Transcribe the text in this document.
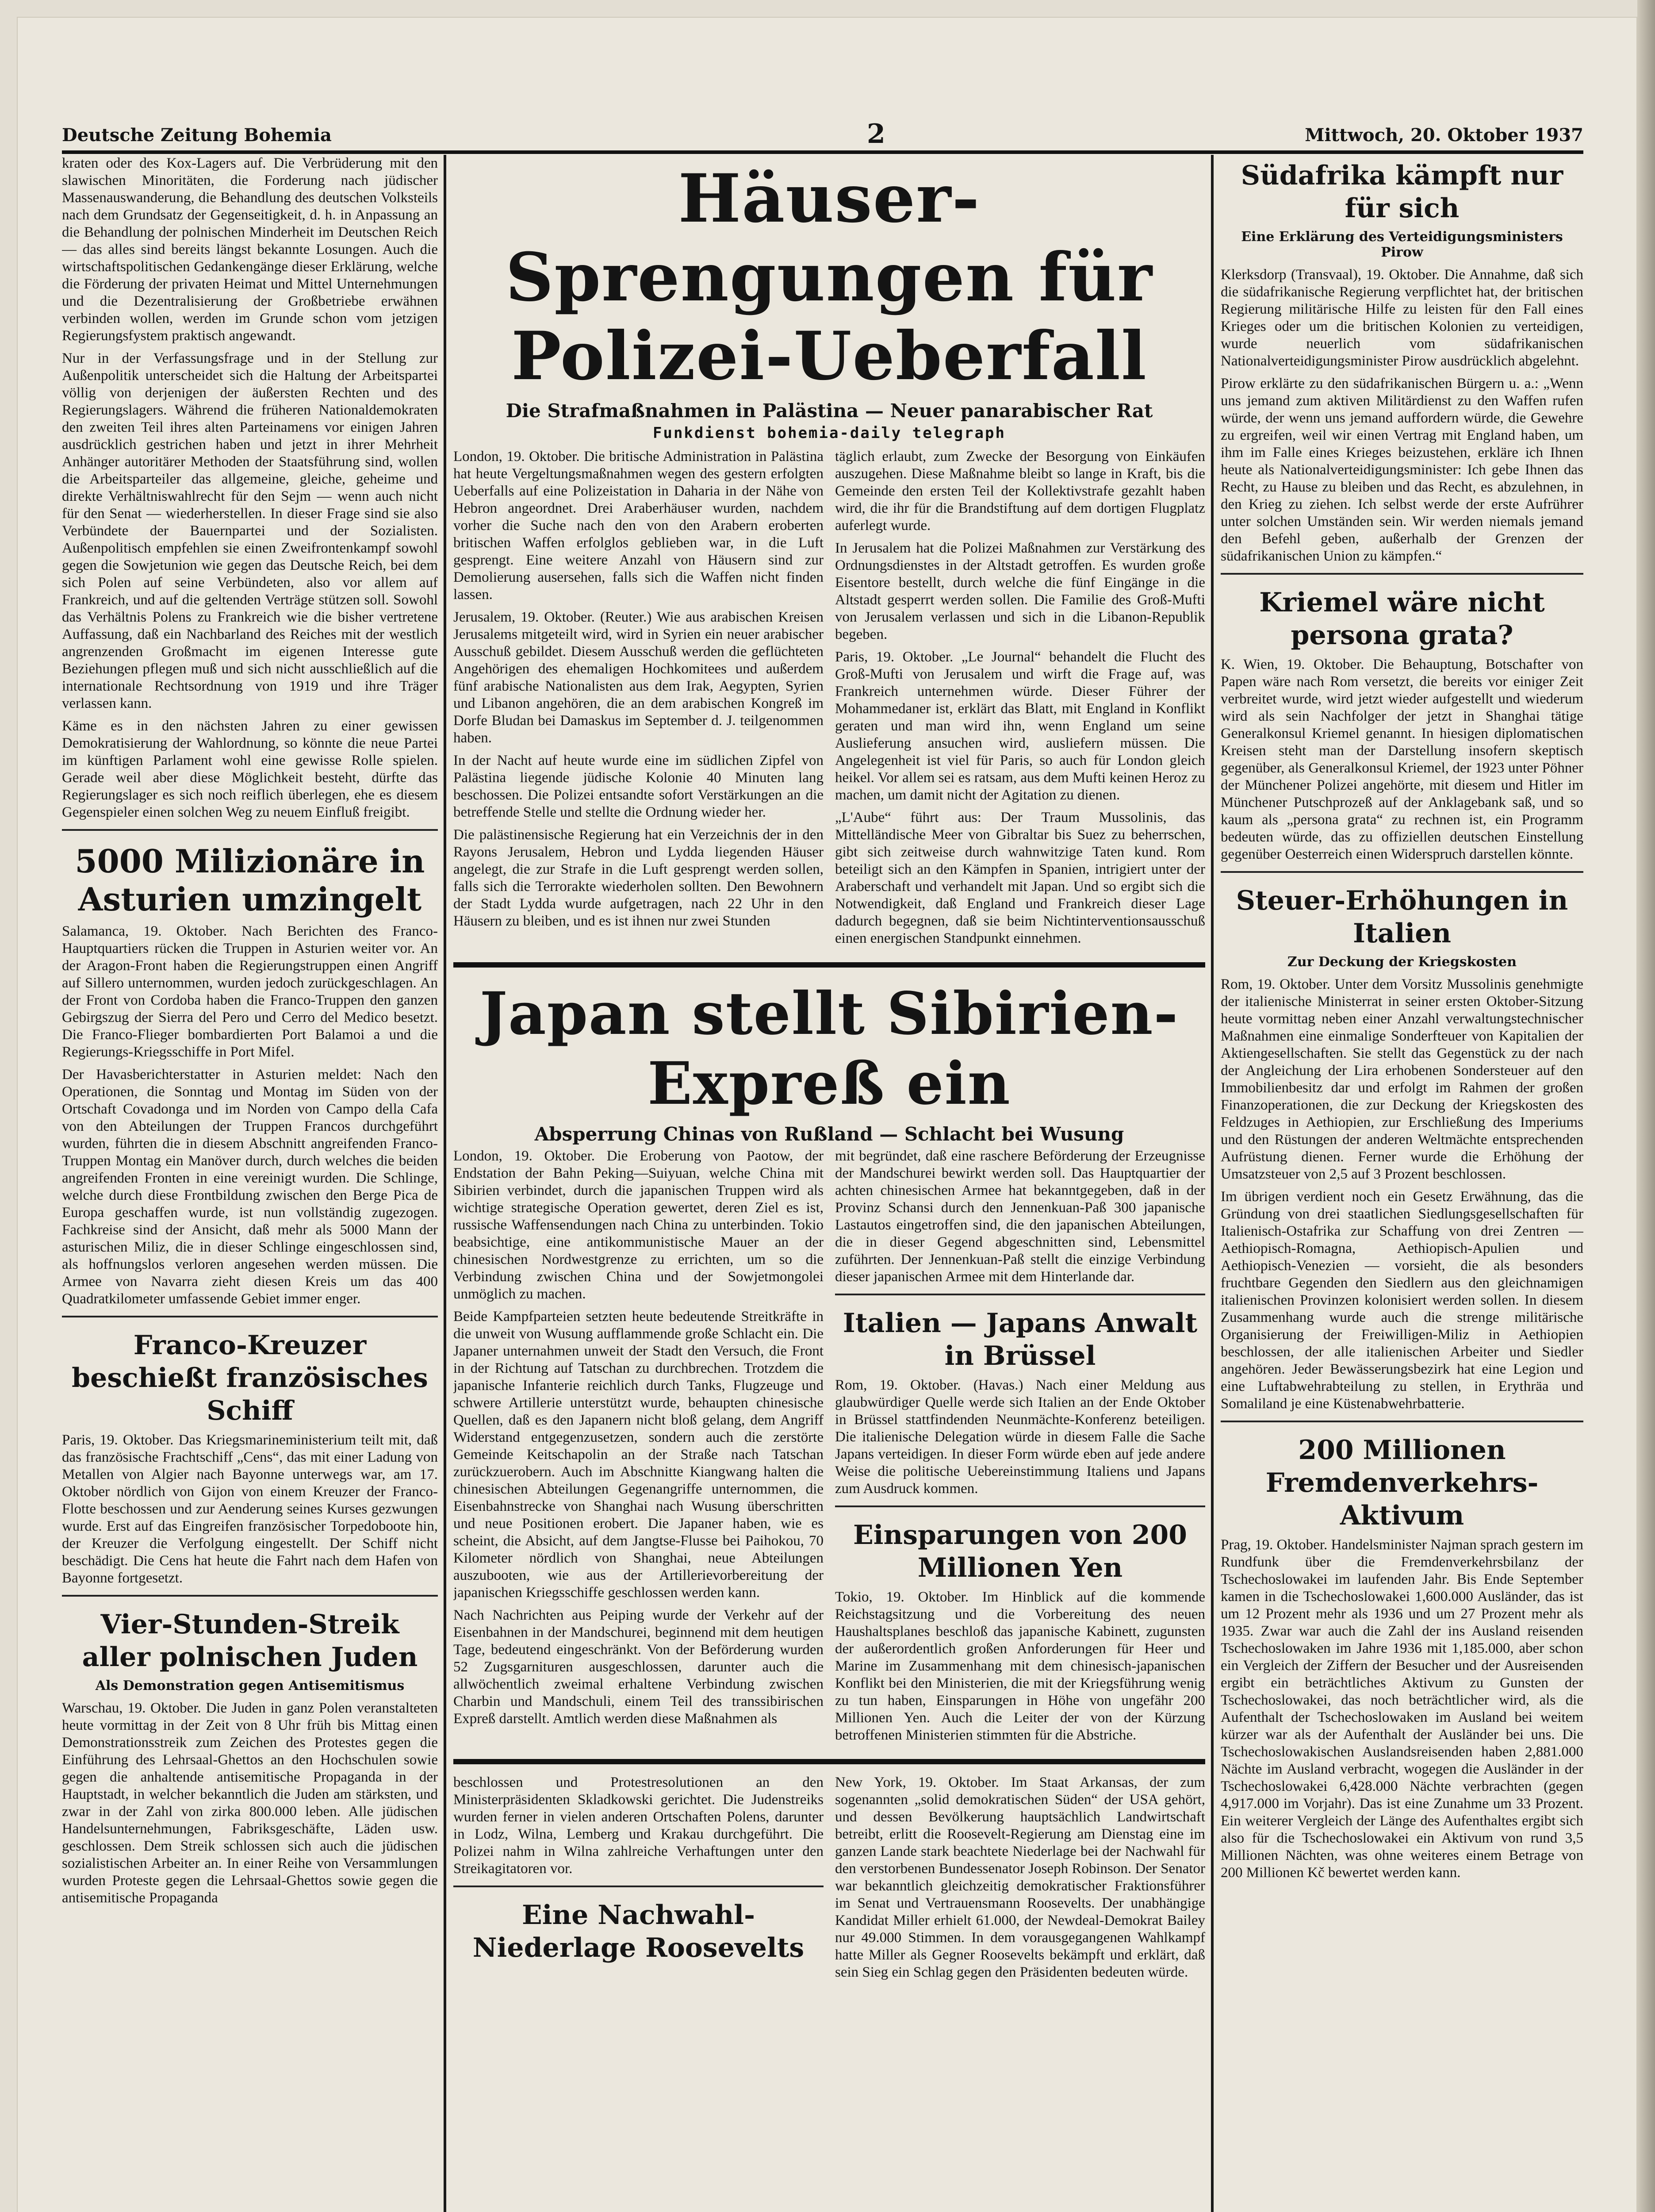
Deutsche Zeitung Bohemia	2	Mittwoch, 20. Oktober 1937

kraten oder des Kox-Lagers auf. Die Verbrüderung mit den slawischen Minoritäten, die Forderung nach jüdischer Massenauswanderung, die Behandlung des deutschen Volksteils nach dem Grundsatz der Gegenseitigkeit, d. h. in Anpassung an die Behandlung der polnischen Minderheit im Deutschen Reich — das alles sind bereits längst bekannte Losungen. Auch die wirtschaftspolitischen Gedankengänge dieser Erklärung, welche die Förderung der privaten Heimat und Mittel Unternehmungen und die Dezentralisierung der Großbetriebe erwähnen verbinden wollen, werden im Grunde schon vom jetzigen Regierungsfystem praktisch angewandt.

Nur in der Verfassungsfrage und in der Stellung zur Außenpolitik unterscheidet sich die Haltung der Arbeitspartei völlig von derjenigen der äußersten Rechten und des Regierungslagers. Während die früheren Nationaldemokraten den zweiten Teil ihres alten Parteinamens vor einigen Jahren ausdrücklich gestrichen haben und jetzt in ihrer Mehrheit Anhänger autoritärer Methoden der Staatsführung sind, wollen die Arbeitsparteiler das allgemeine, gleiche, geheime und direkte Verhältniswahlrecht für den Sejm — wenn auch nicht für den Senat — wiederherstellen. In dieser Frage sind sie also Verbündete der Bauernpartei und der Sozialisten. Außenpolitisch empfehlen sie einen Zweifrontenkampf sowohl gegen die Sowjetunion wie gegen das Deutsche Reich, bei dem sich Polen auf seine Verbündeten, also vor allem auf Frankreich, und auf die geltenden Verträge stützen soll. Sowohl das Verhältnis Polens zu Frankreich wie die bisher vertretene Auffassung, daß ein Nachbarland des Reiches mit der westlich angrenzenden Großmacht im eigenen Interesse gute Beziehungen pflegen muß und sich nicht ausschließlich auf die internationale Rechtsordnung von 1919 und ihre Träger verlassen kann.

Käme es in den nächsten Jahren zu einer gewissen Demokratisierung der Wahlordnung, so könnte die neue Partei im künftigen Parlament wohl eine gewisse Rolle spielen. Gerade weil aber diese Möglichkeit besteht, dürfte das Regierungslager es sich noch reiflich überlegen, ehe es diesem Gegenspieler einen solchen Weg zu neuem Einfluß freigibt.

5000 Milizionäre in Asturien umzingelt

Salamanca, 19. Oktober. Nach Berichten des Franco-Hauptquartiers rücken die Truppen in Asturien weiter vor. An der Aragon-Front haben die Regierungstruppen einen Angriff auf Sillero unternommen, wurden jedoch zurückgeschlagen. An der Front von Cordoba haben die Franco-Truppen den ganzen Gebirgszug der Sierra del Pero und Cerro del Medico besetzt. Die Franco-Flieger bombardierten Port Balamoi a und die Regierungs-Kriegsschiffe in Port Mifel.

Der Havasberichterstatter in Asturien meldet: Nach den Operationen, die Sonntag und Montag im Süden von der Ortschaft Covadonga und im Norden von Campo della Cafa von den Abteilungen der Truppen Francos durchgeführt wurden, führten die in diesem Abschnitt angreifenden Franco-Truppen Montag ein Manöver durch, durch welches die beiden angreifenden Fronten in eine vereinigt wurden. Die Schlinge, welche durch diese Frontbildung zwischen den Berge Pica de Europa geschaffen wurde, ist nun vollständig zugezogen. Fachkreise sind der Ansicht, daß mehr als 5000 Mann der asturischen Miliz, die in dieser Schlinge eingeschlossen sind, als hoffnungslos verloren angesehen werden müssen. Die Armee von Navarra zieht diesen Kreis um das 400 Quadratkilometer umfassende Gebiet immer enger.

Franco-Kreuzer beschießt französisches Schiff

Paris, 19. Oktober. Das Kriegsmarineministerium teilt mit, daß das französische Frachtschiff „Cens“, das mit einer Ladung von Metallen von Algier nach Bayonne unterwegs war, am 17. Oktober nördlich von Gijon von einem Kreuzer der Franco-Flotte beschossen und zur Aenderung seines Kurses gezwungen wurde. Erst auf das Eingreifen französischer Torpedoboote hin, der Kreuzer die Verfolgung eingestellt. Der Schiff nicht beschädigt. Die Cens hat heute die Fahrt nach dem Hafen von Bayonne fortgesetzt.

Vier-Stunden-Streik aller polnischen Juden
Als Demonstration gegen Antisemitismus

Warschau, 19. Oktober. Die Juden in ganz Polen veranstalteten heute vormittag in der Zeit von 8 Uhr früh bis Mittag einen Demonstrationsstreik zum Zeichen des Protestes gegen die Einführung des Lehrsaal-Ghettos an den Hochschulen sowie gegen die anhaltende antisemitische Propaganda in der Hauptstadt, in welcher bekanntlich die Juden am stärksten, und zwar in der Zahl von zirka 800.000 leben. Alle jüdischen Handelsunternehmungen, Fabriksgeschäfte, Läden usw. geschlossen. Dem Streik schlossen sich auch die jüdischen sozialistischen Arbeiter an. In einer Reihe von Versammlungen wurden Proteste gegen die Lehrsaal-Ghettos sowie gegen die antisemitische Propaganda

Häuser-Sprengungen für Polizei-Ueberfall
Die Strafmaßnahmen in Palästina — Neuer panarabischer Rat
Funkdienst bohemia-daily telegraph

London, 19. Oktober. Die britische Administration in Palästina hat heute Vergeltungsmaßnahmen wegen des gestern erfolgten Ueberfalls auf eine Polizeistation in Daharia in der Nähe von Hebron angeordnet. Drei Araberhäuser wurden, nachdem vorher die Suche nach den von den Arabern eroberten britischen Waffen erfolglos geblieben war, in die Luft gesprengt. Eine weitere Anzahl von Häusern sind zur Demolierung ausersehen, falls sich die Waffen nicht finden lassen.

Jerusalem, 19. Oktober. (Reuter.) Wie aus arabischen Kreisen Jerusalems mitgeteilt wird, wird in Syrien ein neuer arabischer Ausschuß gebildet. Diesem Ausschuß werden die geflüchteten Angehörigen des ehemaligen Hochkomitees und außerdem fünf arabische Nationalisten aus dem Irak, Aegypten, Syrien und Libanon angehören, die an dem arabischen Kongreß im Dorfe Bludan bei Damaskus im September d. J. teilgenommen haben.

In der Nacht auf heute wurde eine im südlichen Zipfel von Palästina liegende jüdische Kolonie 40 Minuten lang beschossen. Die Polizei entsandte sofort Verstärkungen an die betreffende Stelle und stellte die Ordnung wieder her.

Die palästinensische Regierung hat ein Verzeichnis der in den Rayons Jerusalem, Hebron und Lydda liegenden Häuser angelegt, die zur Strafe in die Luft gesprengt werden sollen, falls sich die Terrorakte wiederholen sollten. Den Bewohnern der Stadt Lydda wurde aufgetragen, nach 22 Uhr in den Häusern zu bleiben, und es ist ihnen nur zwei Stunden

täglich erlaubt, zum Zwecke der Besorgung von Einkäufen auszugehen. Diese Maßnahme bleibt so lange in Kraft, bis die Gemeinde den ersten Teil der Kollektivstrafe gezahlt haben wird, die ihr für die Brandstiftung auf dem dortigen Flugplatz auferlegt wurde.

In Jerusalem hat die Polizei Maßnahmen zur Verstärkung des Ordnungsdienstes in der Altstadt getroffen. Es wurden große Eisentore bestellt, durch welche die fünf Eingänge in die Altstadt gesperrt werden sollen. Die Familie des Groß-Mufti von Jerusalem verlassen und sich in die Libanon-Republik begeben.

Paris, 19. Oktober. „Le Journal“ behandelt die Flucht des Groß-Mufti von Jerusalem und wirft die Frage auf, was Frankreich unternehmen würde. Dieser Führer der Mohammedaner ist, erklärt das Blatt, mit England in Konflikt geraten und man wird ihn, wenn England um seine Auslieferung ansuchen wird, ausliefern müssen. Die Angelegenheit ist viel für Paris, so auch für London gleich heikel. Vor allem sei es ratsam, aus dem Mufti keinen Heroz zu machen, um damit nicht der Agitation zu dienen.

„L'Aube“ führt aus: Der Traum Mussolinis, das Mittelländische Meer von Gibraltar bis Suez zu beherrschen, gibt sich zeitweise durch wahnwitzige Taten kund. Rom beteiligt sich an den Kämpfen in Spanien, intrigiert unter der Araberschaft und verhandelt mit Japan. Und so ergibt sich die Notwendigkeit, daß England und Frankreich dieser Lage dadurch begegnen, daß sie beim Nichtinterventionsausschuß einen energischen Standpunkt einnehmen.

Japan stellt Sibirien-Expreß ein
Absperrung Chinas von Rußland — Schlacht bei Wusung

London, 19. Oktober. Die Eroberung von Paotow, der Endstation der Bahn Peking—Suiyuan, welche China mit Sibirien verbindet, durch die japanischen Truppen wird als wichtige strategische Operation gewertet, deren Ziel es ist, russische Waffensendungen nach China zu unterbinden. Tokio beabsichtige, eine antikommunistische Mauer an der chinesischen Nordwestgrenze zu errichten, um so die Verbindung zwischen China und der Sowjetmongolei unmöglich zu machen.

Beide Kampfparteien setzten heute bedeutende Streitkräfte in die unweit von Wusung aufflammende große Schlacht ein. Die Japaner unternahmen unweit der Stadt den Versuch, die Front in der Richtung auf Tatschan zu durchbrechen. Trotzdem die japanische Infanterie reichlich durch Tanks, Flugzeuge und schwere Artillerie unterstützt wurde, behaupten chinesische Quellen, daß es den Japanern nicht bloß gelang, dem Angriff Widerstand entgegenzusetzen, sondern auch die zerstörte Gemeinde Keitschapolin an der Straße nach Tatschan zurückzuerobern. Auch im Abschnitte Kiangwang halten die chinesischen Abteilungen Gegenangriffe unternommen, die Eisenbahnstrecke von Shanghai nach Wusung überschritten und neue Positionen erobert. Die Japaner haben, wie es scheint, die Absicht, auf dem Jangtse-Flusse bei Paihokou, 70 Kilometer nördlich von Shanghai, neue Abteilungen auszubooten, wie aus der Artillerievorbereitung der japanischen Kriegsschiffe geschlossen werden kann.

Nach Nachrichten aus Peiping wurde der Verkehr auf der Eisenbahnen in der Mandschurei, beginnend mit dem heutigen Tage, bedeutend eingeschränkt. Von der Beförderung wurden 52 Zugsgarnituren ausgeschlossen, darunter auch die allwöchentlich zweimal erhaltene Verbindung zwischen Charbin und Mandschuli, einem Teil des transsibirischen Expreß darstellt. Amtlich werden diese Maßnahmen als

mit begründet, daß eine raschere Beförderung der Erzeugnisse der Mandschurei bewirkt werden soll. Das Hauptquartier der achten chinesischen Armee hat bekanntgegeben, daß in der Provinz Schansi durch den Jennenkuan-Paß 300 japanische Lastautos eingetroffen sind, die den japanischen Abteilungen, die in dieser Gegend abgeschnitten sind, Lebensmittel zuführten. Der Jennenkuan-Paß stellt die einzige Verbindung dieser japanischen Armee mit dem Hinterlande dar.

Italien — Japans Anwalt in Brüssel

Rom, 19. Oktober. (Havas.) Nach einer Meldung aus glaubwürdiger Quelle werde sich Italien an der Ende Oktober in Brüssel stattfindenden Neunmächte-Konferenz beteiligen. Die italienische Delegation würde in diesem Falle die Sache Japans verteidigen. In dieser Form würde eben auf jede andere Weise die politische Uebereinstimmung Italiens und Japans zum Ausdruck kommen.

Einsparungen von 200 Millionen Yen

Tokio, 19. Oktober. Im Hinblick auf die kommende Reichstagsitzung und die Vorbereitung des neuen Haushaltsplanes beschloß das japanische Kabinett, zugunsten der außerordentlich großen Anforderungen für Heer und Marine im Zusammenhang mit dem chinesisch-japanischen Konflikt bei den Ministerien, die mit der Kriegsführung wenig zu tun haben, Einsparungen in Höhe von ungefähr 200 Millionen Yen. Auch die Leiter der von der Kürzung betroffenen Ministerien stimmten für die Abstriche.

beschlossen und Protestresolutionen an den Ministerpräsidenten Skladkowski gerichtet. Die Judenstreiks wurden ferner in vielen anderen Ortschaften Polens, darunter in Lodz, Wilna, Lemberg und Krakau durchgeführt. Die Polizei nahm in Wilna zahlreiche Verhaftungen unter den Streikagitatoren vor.

Eine Nachwahl-Niederlage Roosevelts

New York, 19. Oktober. Im Staat Arkansas, der zum sogenannten „solid demokratischen Süden“ der USA gehört, und dessen Bevölkerung hauptsächlich Landwirtschaft betreibt, erlitt die Roosevelt-Regierung am Dienstag eine im ganzen Lande stark beachtete Niederlage bei der Nachwahl für den verstorbenen Bundessenator Joseph Robinson. Der Senator war bekanntlich gleichzeitig demokratischer Fraktionsführer im Senat und Vertrauensmann Roosevelts. Der unabhängige Kandidat Miller erhielt 61.000, der Newdeal-Demokrat Bailey nur 49.000 Stimmen. In dem vorausgegangenen Wahlkampf hatte Miller als Gegner Roosevelts bekämpft und erklärt, daß sein Sieg ein Schlag gegen den Präsidenten bedeuten würde.

Südafrika kämpft nur für sich
Eine Erklärung des Verteidigungsministers Pirow

Klerksdorp (Transvaal), 19. Oktober. Die Annahme, daß sich die südafrikanische Regierung verpflichtet hat, der britischen Regierung militärische Hilfe zu leisten für den Fall eines Krieges oder um die britischen Kolonien zu verteidigen, wurde neuerlich vom südafrikanischen Nationalverteidigungsminister Pirow ausdrücklich abgelehnt.

Pirow erklärte zu den südafrikanischen Bürgern u. a.: „Wenn uns jemand zum aktiven Militärdienst zu den Waffen rufen würde, der wenn uns jemand auffordern würde, die Gewehre zu ergreifen, weil wir einen Vertrag mit England haben, um ihm im Falle eines Krieges beizustehen, erkläre ich Ihnen heute als Nationalverteidigungsminister: Ich gebe Ihnen das Recht, zu Hause zu bleiben und das Recht, es abzulehnen, in den Krieg zu ziehen. Ich selbst werde der erste Aufrührer unter solchen Umständen sein. Wir werden niemals jemand den Befehl geben, außerhalb der Grenzen der südafrikanischen Union zu kämpfen.“

Kriemel wäre nicht persona grata?

K. Wien, 19. Oktober. Die Behauptung, Botschafter von Papen wäre nach Rom versetzt, die bereits vor einiger Zeit verbreitet wurde, wird jetzt wieder aufgestellt und wiederum wird als sein Nachfolger der jetzt in Shanghai tätige Generalkonsul Kriemel genannt. In hiesigen diplomatischen Kreisen steht man der Darstellung insofern skeptisch gegenüber, als Generalkonsul Kriemel, der 1923 unter Pöhner der Münchener Polizei angehörte, mit diesem und Hitler im Münchener Putschprozeß auf der Anklagebank saß, und so kaum als „persona grata“ zu rechnen ist, ein Programm bedeuten würde, das zu offiziellen deutschen Einstellung gegenüber Oesterreich einen Widerspruch darstellen könnte.

Steuer-Erhöhungen in Italien
Zur Deckung der Kriegskosten

Rom, 19. Oktober. Unter dem Vorsitz Mussolinis genehmigte der italienische Ministerrat in seiner ersten Oktober-Sitzung heute vormittag neben einer Anzahl verwaltungstechnischer Maßnahmen eine einmalige Sonderfteuer von Kapitalien der Aktiengesellschaften. Sie stellt das Gegenstück zu der nach der Angleichung der Lira erhobenen Sondersteuer auf den Immobilienbesitz dar und erfolgt im Rahmen der großen Finanzoperationen, die zur Deckung der Kriegskosten des Feldzuges in Aethiopien, zur Erschließung des Imperiums und den Rüstungen der anderen Weltmächte entsprechenden Aufrüstung dienen. Ferner wurde die Erhöhung der Umsatzsteuer von 2,5 auf 3 Prozent beschlossen.

Im übrigen verdient noch ein Gesetz Erwähnung, das die Gründung von drei staatlichen Siedlungsgesellschaften für Italienisch-Ostafrika zur Schaffung von drei Zentren — Aethiopisch-Romagna, Aethiopisch-Apulien und Aethiopisch-Venezien — vorsieht, die als besonders fruchtbare Gegenden den Siedlern aus den gleichnamigen italienischen Provinzen kolonisiert werden sollen. In diesem Zusammenhang wurde auch die strenge militärische Organisierung der Freiwilligen-Miliz in Aethiopien beschlossen, der alle italienischen Arbeiter und Siedler angehören. Jeder Bewässerungsbezirk hat eine Legion und eine Luftabwehrabteilung zu stellen, in Erythräa und Somaliland je eine Küstenabwehrbatterie.

200 Millionen Fremdenverkehrs-Aktivum

Prag, 19. Oktober. Handelsminister Najman sprach gestern im Rundfunk über die Fremdenverkehrsbilanz der Tschechoslowakei im laufenden Jahr. Bis Ende September kamen in die Tschechoslowakei 1,600.000 Ausländer, das ist um 12 Prozent mehr als 1936 und um 27 Prozent mehr als 1935. Zwar war auch die Zahl der ins Ausland reisenden Tschechoslowaken im Jahre 1936 mit 1,185.000, aber schon ein Vergleich der Ziffern der Besucher und der Ausreisenden ergibt ein beträchtliches Aktivum zu Gunsten der Tschechoslowakei, das noch beträchtlicher wird, als die Aufenthalt der Tschechoslowaken im Ausland bei weitem kürzer war als der Aufenthalt der Ausländer bei uns. Die Tschechoslowakischen Auslandsreisenden haben 2,881.000 Nächte im Ausland verbracht, wogegen die Ausländer in der Tschechoslowakei 6,428.000 Nächte verbrachten (gegen 4,917.000 im Vorjahr). Das ist eine Zunahme um 33 Prozent. Ein weiterer Vergleich der Länge des Aufenthaltes ergibt sich also für die Tschechoslowakei ein Aktivum von rund 3,5 Millionen Nächten, was ohne weiteres einem Betrage von 200 Millionen Kč bewertet werden kann.
